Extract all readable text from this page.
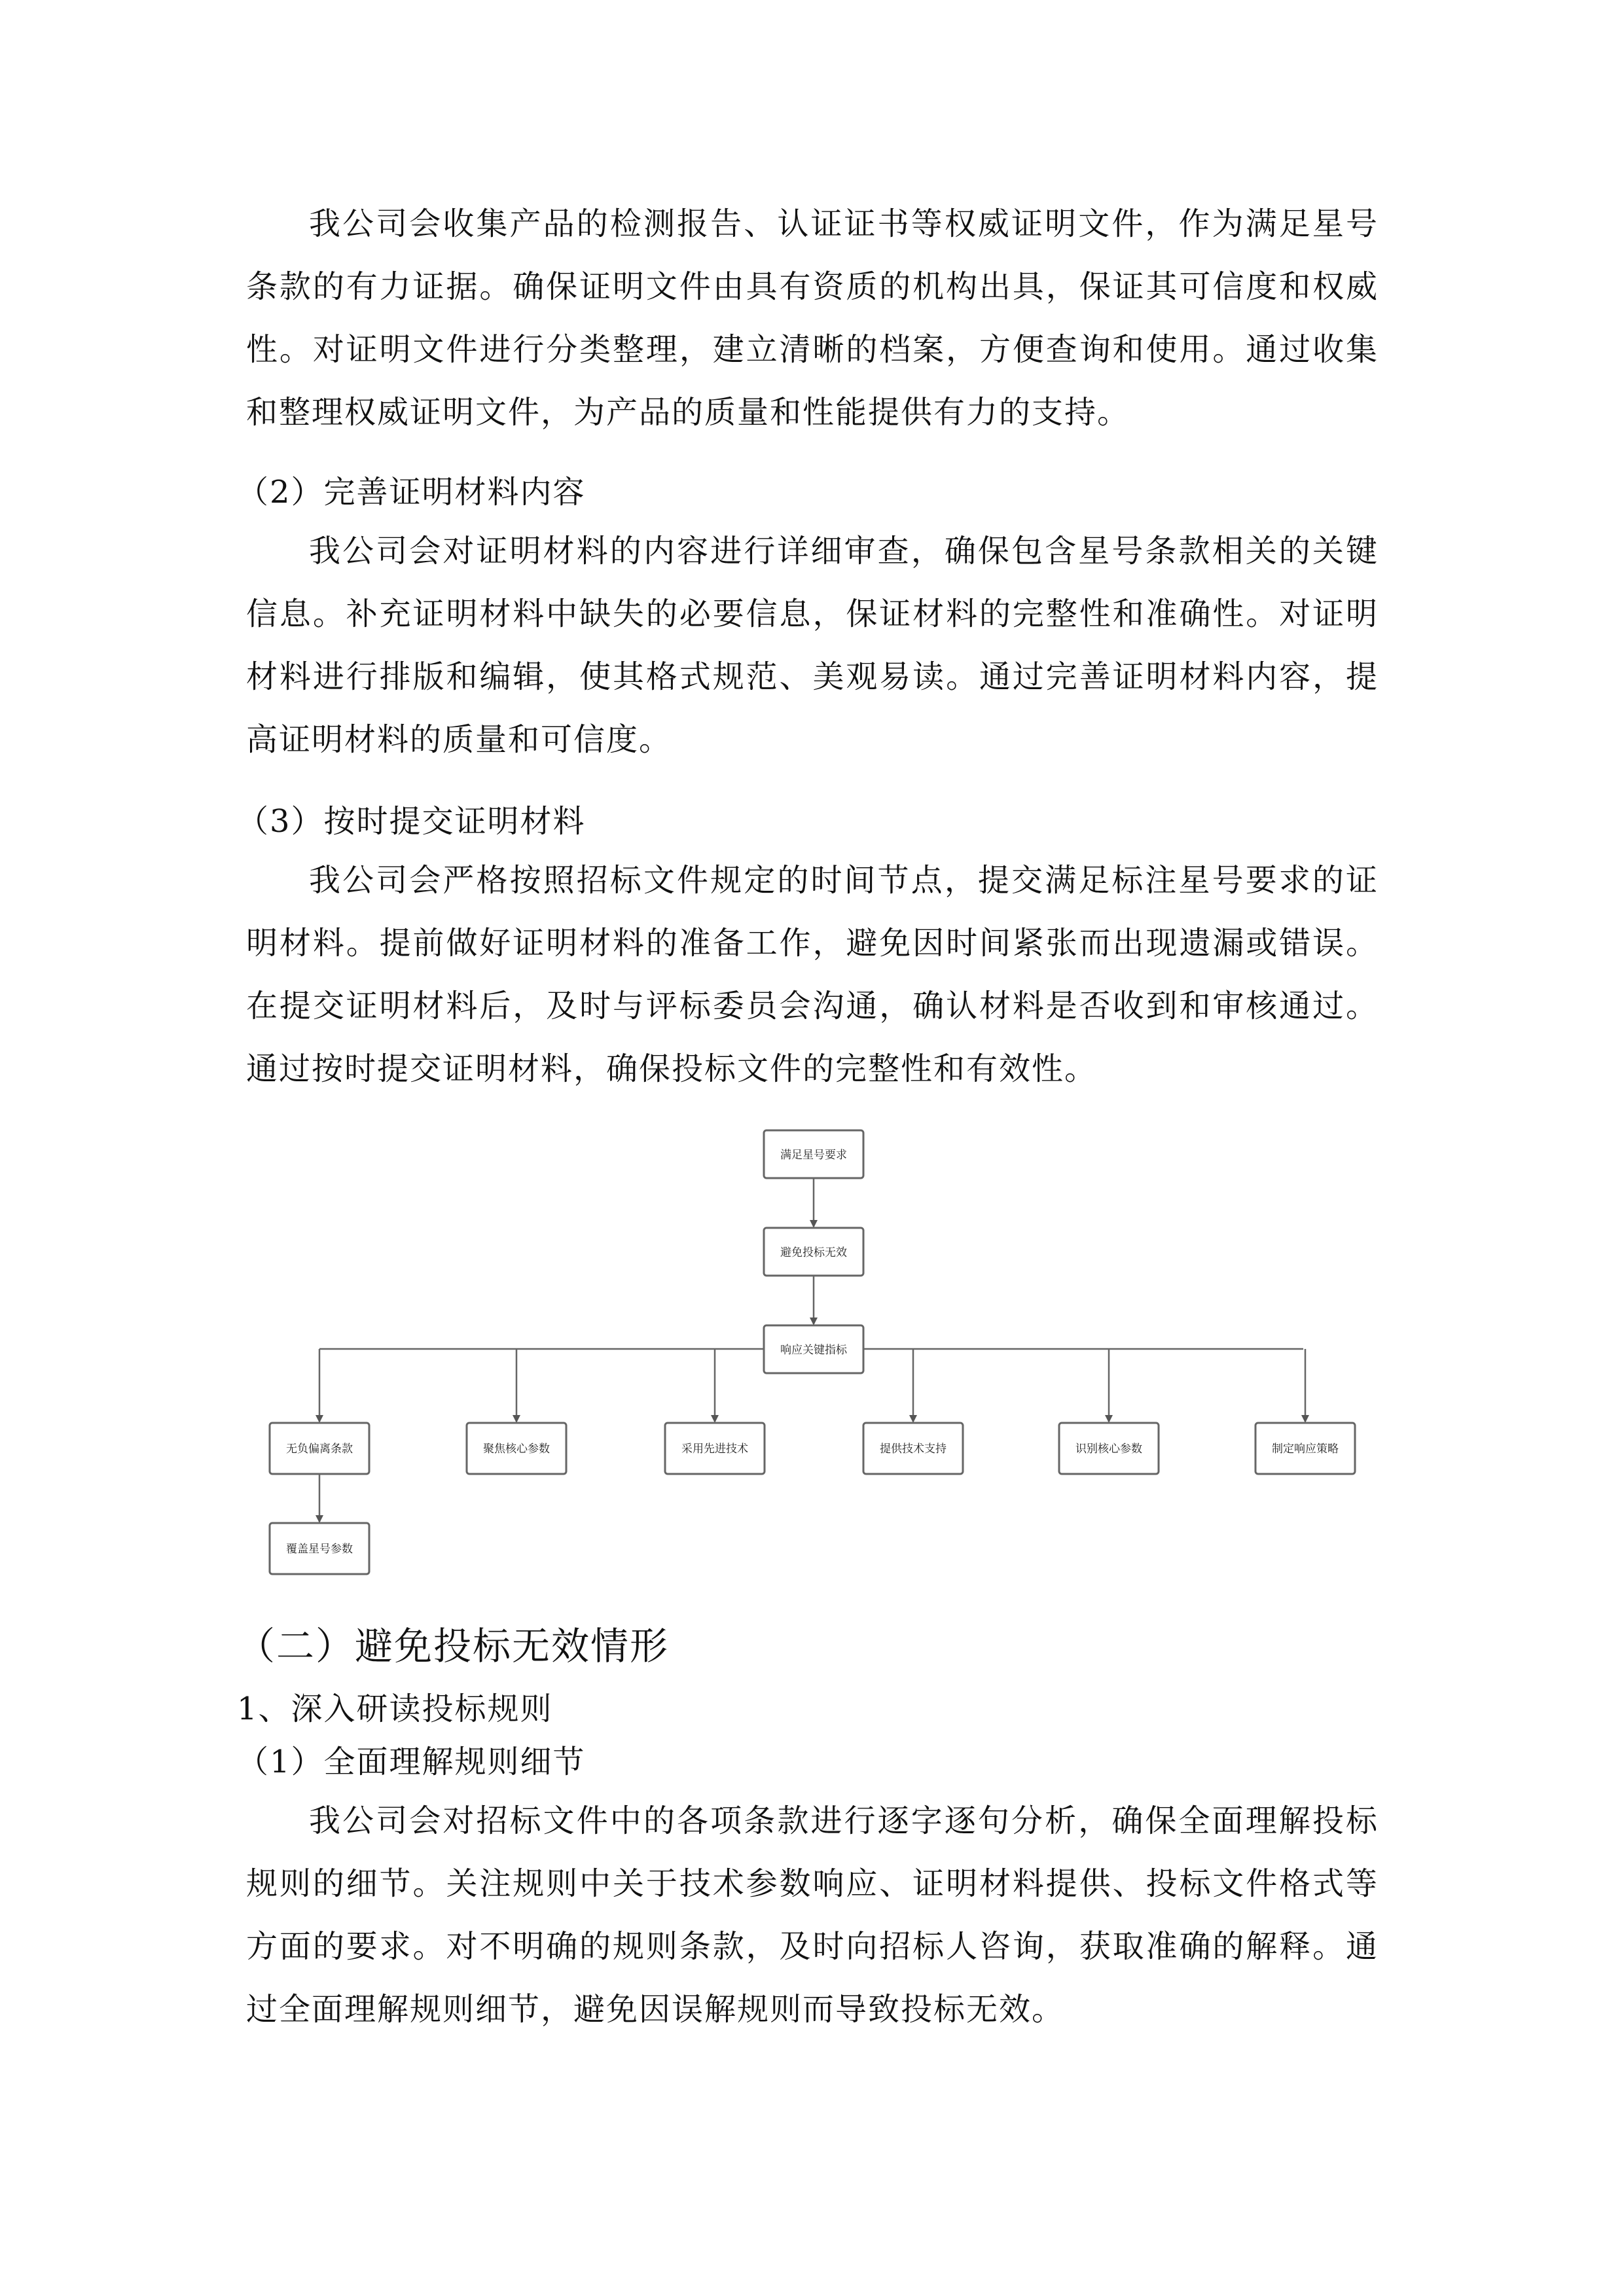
我公司会收集产品的检测报告、认证证书等权威证明文件，作为满足星号条款的有力证据。确保证明文件由具有资质的机构出具，保证其可信度和权威性。对证明文件进行分类整理，建立清晰的档案，方便查询和使用。通过收集和整理权威证明文件，为产品的质量和性能提供有力的支持。

（2）完善证明材料内容

我公司会对证明材料的内容进行详细审查，确保包含星号条款相关的关键信息。补充证明材料中缺失的必要信息，保证材料的完整性和准确性。对证明材料进行排版和编辑，使其格式规范、美观易读。通过完善证明材料内容，提高证明材料的质量和可信度。

（3）按时提交证明材料

我公司会严格按照招标文件规定的时间节点，提交满足标注星号要求的证明材料。提前做好证明材料的准备工作，避免因时间紧张而出现遗漏或错误。在提交证明材料后，及时与评标委员会沟通，确认材料是否收到和审核通过。通过按时提交证明材料，确保投标文件的完整性和有效性。

满足星号要求
避免投标无效
响应关键指标
无负偏离条款	聚焦核心参数	采用先进技术	提供技术支持	识别核心参数	制定响应策略
覆盖星号参数

（二）避免投标无效情形

1、深入研读投标规则

（1）全面理解规则细节

我公司会对招标文件中的各项条款进行逐字逐句分析，确保全面理解投标规则的细节。关注规则中关于技术参数响应、证明材料提供、投标文件格式等方面的要求。对不明确的规则条款，及时向招标人咨询，获取准确的解释。通过全面理解规则细节，避免因误解规则而导致投标无效。
